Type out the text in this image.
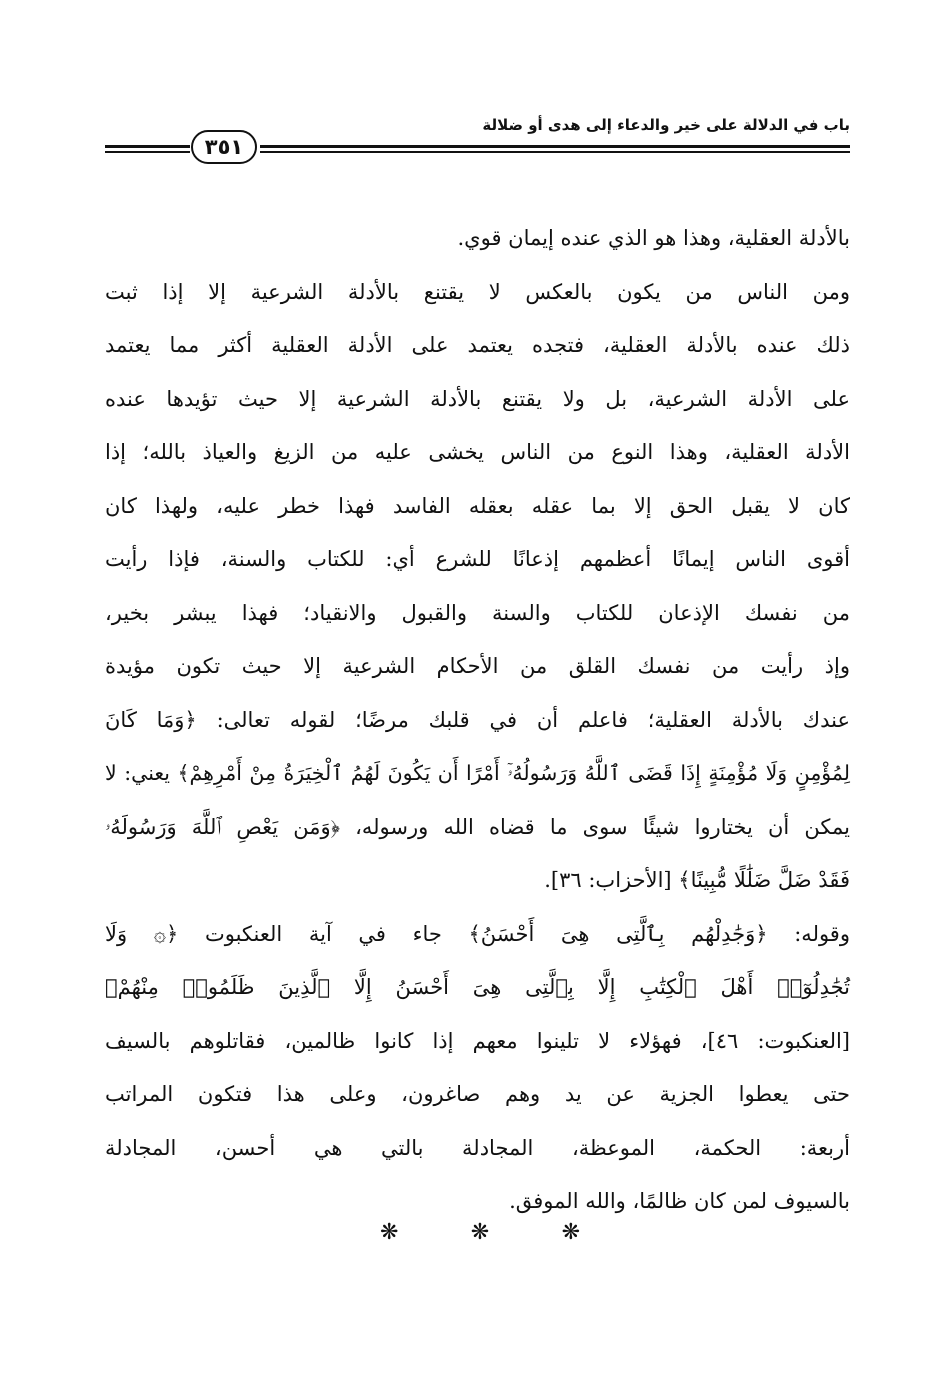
باب في الدلالة على خير والدعاء إلى هدى أو ضلالة
٣٥١
بالأدلة العقلية، وهذا هو الذي عنده إيمان قوي.
ومن الناس من يكون بالعكس لا يقتنع بالأدلة الشرعية إلا إذا ثبت
ذلك عنده بالأدلة العقلية، فتجده يعتمد على الأدلة العقلية أكثر مما يعتمد
على الأدلة الشرعية، بل ولا يقتنع بالأدلة الشرعية إلا حيث تؤيدها عنده
الأدلة العقلية، وهذا النوع من الناس يخشى عليه من الزيغ والعياذ بالله؛ إذا
كان لا يقبل الحق إلا بما عقله بعقله الفاسد فهذا خطر عليه، ولهذا كان
أقوى الناس إيمانًا أعظمهم إذعانًا للشرع أي: للكتاب والسنة، فإذا رأيت
من نفسك الإذعان للكتاب والسنة والقبول والانقياد؛ فهذا يبشر بخير،
وإذ رأيت من نفسك القلق من الأحكام الشرعية إلا حيث تكون مؤيدة
عندك بالأدلة العقلية؛ فاعلم أن في قلبك مرضًا؛ لقوله تعالى: ﴿وَمَا كَانَ
لِمُؤْمِنٍ وَلَا مُؤْمِنَةٍ إِذَا قَضَى ٱللَّهُ وَرَسُولُهُۥٓ أَمْرًا أَن يَكُونَ لَهُمُ ٱلْخِيَرَةُ مِنْ أَمْرِهِمْ﴾ يعني: لا
يمكن أن يختاروا شيئًا سوى ما قضاه الله ورسوله، ﴿وَمَن يَعْصِ ٱللَّهَ وَرَسُولَهُۥ
فَقَدْ ضَلَّ ضَلَٰلًا مُّبِينًا﴾ [الأحزاب: ٣٦].
وقوله: ﴿وَجَٰدِلْهُم بِٱلَّتِى هِىَ أَحْسَنُ﴾ جاء في آية العنكبوت ﴿۞ وَلَا
تُجَٰدِلُوٓا۟ أَهْلَ ٱلْكِتَٰبِ إِلَّا بِٱلَّتِى هِىَ أَحْسَنُ إِلَّا ٱلَّذِينَ ظَلَمُوا۟ مِنْهُمْ﴾
[العنكبوت: ٤٦]، فهؤلاء لا تلينوا معهم إذا كانوا ظالمين، فقاتلوهم بالسيف
حتى يعطوا الجزية عن يد وهم صاغرون، وعلى هذا فتكون المراتب
أربعة: الحكمة، الموعظة، المجادلة بالتي هي أحسن، المجادلة
بالسيوف لمن كان ظالمًا، والله الموفق.
❋	❋	❋
